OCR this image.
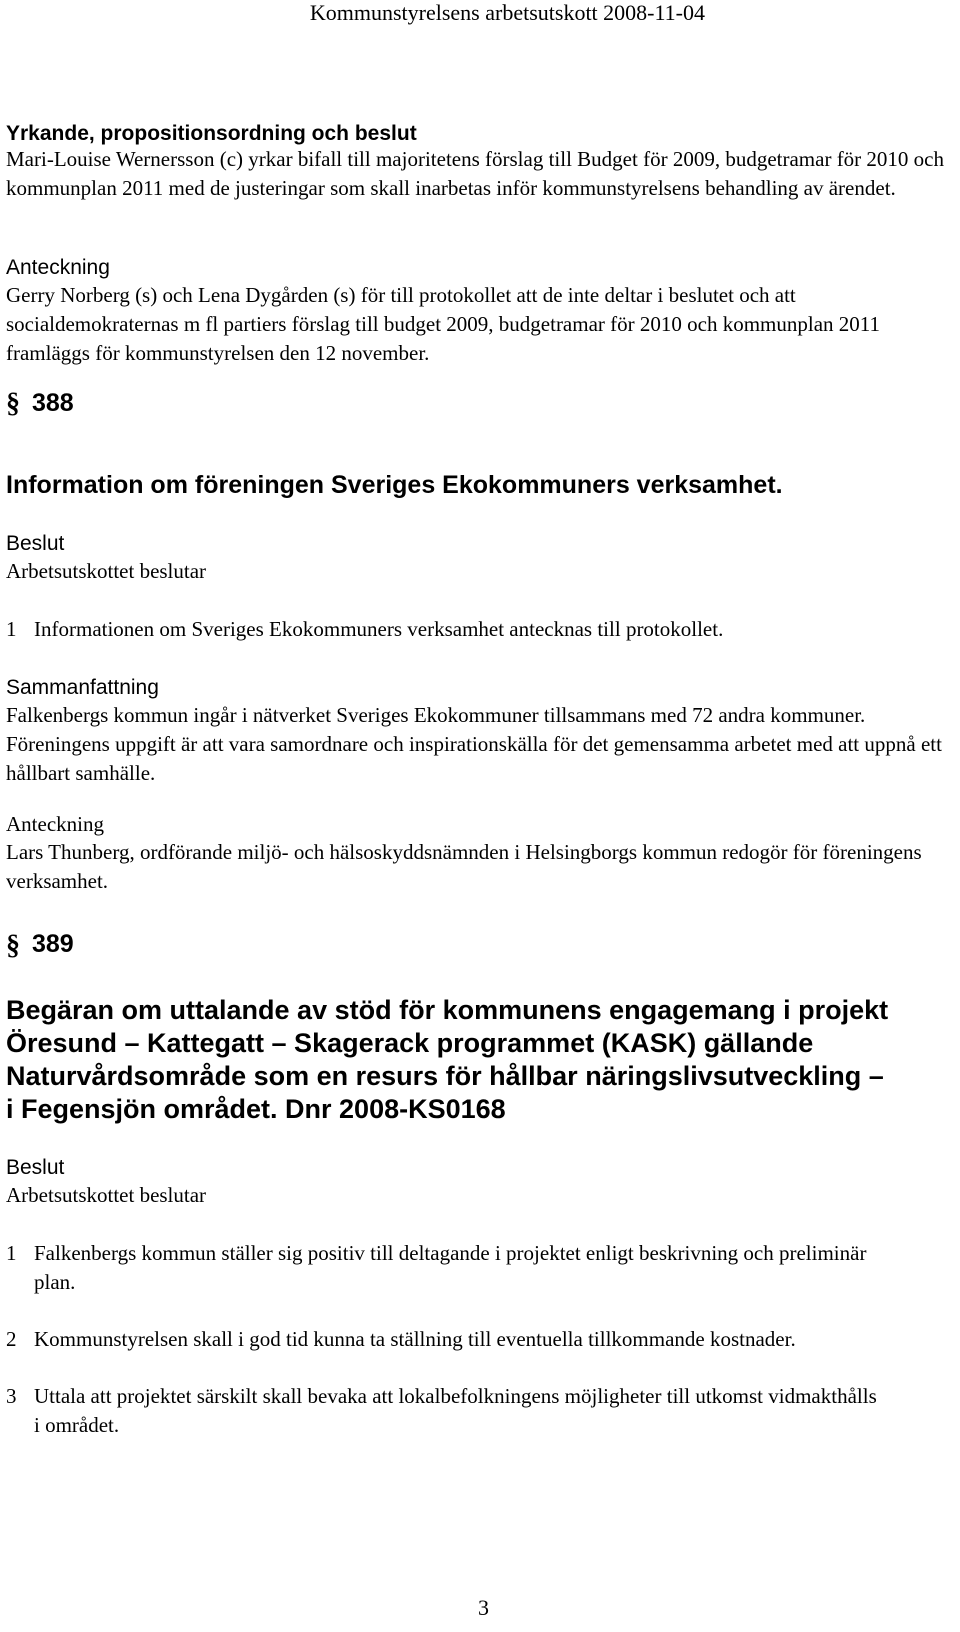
Kommunstyrelsens arbetsutskott 2008-11-04
Yrkande, propositionsordning och beslut

Mari-Louise Wernersson (c) yrkar bifall till majoritetens förslag till Budget för 2009, budgetramar för 2010 och kommunplan 2011 med de justeringar som skall inarbetas inför kommunstyrelsens behandling av ärendet.

Anteckning

Gerry Norberg (s) och Lena Dygården (s) för till protokollet att de inte deltar i beslutet och att socialdemokraternas m fl partiers förslag till budget 2009, budgetramar för 2010 och kommunplan 2011 framläggs för kommunstyrelsen den 12 november.

§ 388
Information om föreningen Sveriges Ekokommuners verksamhet.
Beslut
Arbetsutskottet beslutar
1 Informationen om Sveriges Ekokommuners verksamhet antecknas till protokollet.
Sammanfattning

Falkenbergs kommun ingår i nätverket Sveriges Ekokommuner tillsammans med 72 andra kommuner. Föreningens uppgift är att vara samordnare och inspirationskälla för det gemensamma arbetet med att uppnå ett hållbart samhälle.

Anteckning

Lars Thunberg, ordförande miljö- och hälsoskyddsnämnden i Helsingborgs kommun redogör för föreningens verksamhet.

§ 389
Begäran om uttalande av stöd för kommunens engagemang i projekt
Öresund – Kattegatt – Skagerack programmet (KASK) gällande
Naturvårdsområde som en resurs för hållbar näringslivsutveckling –
i Fegensjön området. Dnr 2008-KS0168
Beslut
Arbetsutskottet beslutar
1 Falkenbergs kommun ställer sig positiv till deltagande i projektet enligt beskrivning och preliminär plan.
2 Kommunstyrelsen skall i god tid kunna ta ställning till eventuella tillkommande kostnader.
3 Uttala att projektet särskilt skall bevaka att lokalbefolkningens möjligheter till utkomst vidmakthålls i området.
3
